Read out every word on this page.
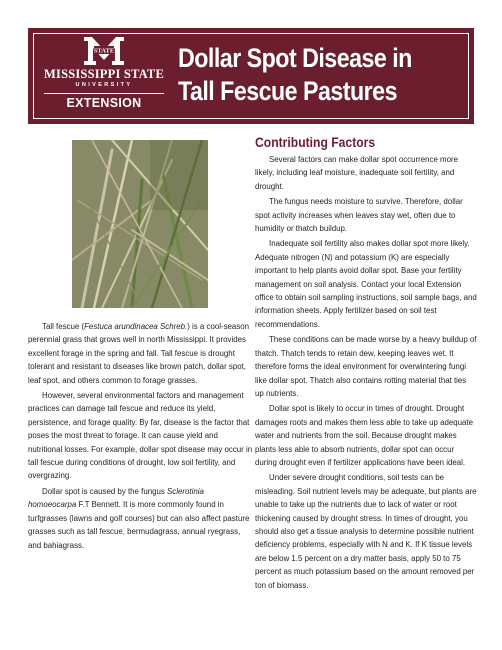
STATE
MISSISSIPPI STATE
UNIVERSITY
EXTENSION
Dollar Spot Disease in
Tall Fescue Pastures

Tall fescue (Festuca arundinacea Schreb.) is a cool-season perennial grass that grows well in north Mississippi. It provides excellent forage in the spring and fall. Tall fescue is drought tolerant and resistant to diseases like brown patch, dollar spot, leaf spot, and others common to forage grasses.

However, several environmental factors and management practices can damage tall fescue and reduce its yield, persistence, and forage quality. By far, disease is the factor that poses the most threat to forage. It can cause yield and nutritional losses. For example, dollar spot disease may occur in tall fescue during conditions of drought, low soil fertility, and overgrazing.

Dollar spot is caused by the fungus Sclerotinia homoeocarpa F.T Bennett. It is more commonly found in turfgrasses (lawns and golf courses) but can also affect pasture grasses such as tall fescue, bermudagrass, annual ryegrass, and bahiagrass.

Contributing Factors

Several factors can make dollar spot occurrence more likely, including leaf moisture, inadequate soil fertility, and drought.

The fungus needs moisture to survive. Therefore, dollar spot activity increases when leaves stay wet, often due to humidity or thatch buildup.

Inadequate soil fertility also makes dollar spot more likely. Adequate nitrogen (N) and potassium (K) are especially important to help plants avoid dollar spot. Base your fertility management on soil analysis. Contact your local Extension office to obtain soil sampling instructions, soil sample bags, and information sheets. Apply fertilizer based on soil test recommendations.

These conditions can be made worse by a heavy buildup of thatch. Thatch tends to retain dew, keeping leaves wet. It therefore forms the ideal environment for overwintering fungi like dollar spot. Thatch also contains rotting material that ties up nutrients.

Dollar spot is likely to occur in times of drought. Drought damages roots and makes them less able to take up adequate water and nutrients from the soil. Because drought makes plants less able to absorb nutrients, dollar spot can occur during drought even if fertilizer applications have been ideal.

Under severe drought conditions, soil tests can be misleading. Soil nutrient levels may be adequate, but plants are unable to take up the nutrients due to lack of water or root thickening caused by drought stress. In times of drought, you should also get a tissue analysis to determine possible nutrient deficiency problems, especially with N and K. If K tissue levels are below 1.5 percent on a dry matter basis, apply 50 to 75 percent as much potassium based on the amount removed per ton of biomass.
